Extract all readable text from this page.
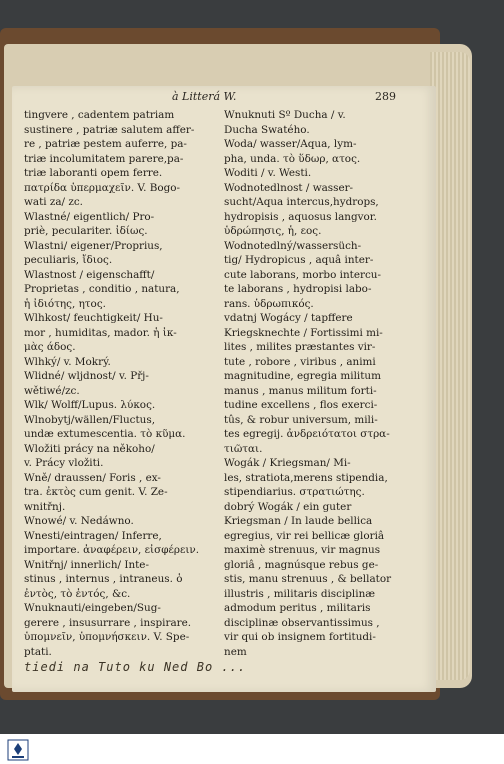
à Litterá W.	289

tingvere , cadentem patriam

sustinere , patriæ salutem affer-

re , patriæ pestem auferre, pa-

triæ incolumitatem parere,pa-

triæ laboranti opem ferre.

πατρίδα ὑπερμαχεῖν. V. Bogo-

wati za/ zc.

Wlastné/ eigentlich/ Pro-

priè, peculariter. ἰδίως.

Wlastni/ eigener/Proprius,

peculiaris, ἴδιος.

Wlastnost / eigenschafft/

Proprietas , conditio , natura,

ἡ ἰδιότης, ητος.

Wlhkost/ feuchtigkeit/ Hu-

mor , humiditas, mador. ἡ ἰκ-

μὰς άδος.

Wlhký/ v. Mokrý.

Wlidné/ wljdnost/ v. Přj-

wětiwé/zc.

Wlk/ Wolff/Lupus. λύκος.

Wlnobytj/wällen/Fluctus,

undæ extumescentia. τὸ κῦμα.

Wložiti prácy na někoho/

v. Prácy vložiti.

Wně/ draussen/ Foris , ex-

tra. ἐκτὸς cum genit. V. Ze-

wnitřnj.

Wnowé/ v. Nedáwno.

Wnesti/eintragen/ Inferre,

importare. ἀναφέρειν, εἰσφέρειν.

Wnitřnj/ innerlich/ Inte-

stinus , internus , intraneus. ὁ

ἐντὸς, τὸ ἐντός, &c.

Wnuknauti/eingeben/Sug-

gerere , insusurrare , inspirare.

ὑπομνεῖν, ὑπομνήσκειν. V. Spe-

ptati.

Wnuknuti Sº Ducha / v.

Ducha Swatého.

Woda/ wasser/Aqua, lym-

pha, unda. τὸ ὕδωρ, ατος.

Woditi / v. Westi.

Wodnotedlnost / wasser-

sucht/Aqua intercus,hydrops,

hydropisis , aquosus langvor.

ὑδρώπησις, ἡ, εος.

Wodnotedlný/wassersüch-

tig/ Hydropicus , aquâ inter-

cute laborans, morbo intercu-

te laborans , hydropisi labo-

rans. ὑδρωπικός.

vdatnj Wogácy / tapffere

Kriegsknechte / Fortissimi mi-

lites , milites præstantes vir-

tute , robore , viribus , animi

magnitudine, egregia militum

manus , manus militum forti-

tudine excellens , flos exerci-

tûs, & robur universum, mili-

tes egregij. ἀνδρειότατοι στρα-

τιῶται.

Wogák / Kriegsman/ Mi-

les, stratiota,merens stipendia,

stipendiarius. στρατιώτης.

dobrý Wogák / ein guter

Kriegsman / In laude bellica

egregius, vir rei bellicæ gloriâ

maximè strenuus, vir magnus

gloriâ , magnúsque rebus ge-

stis, manu strenuus , & bellator

illustris , militaris disciplinæ

admodum peritus , militaris

disciplinæ observantissimus ,

vir qui ob insignem fortitudi-

nem

tiedi na Tuto ku Ned Bo ...
